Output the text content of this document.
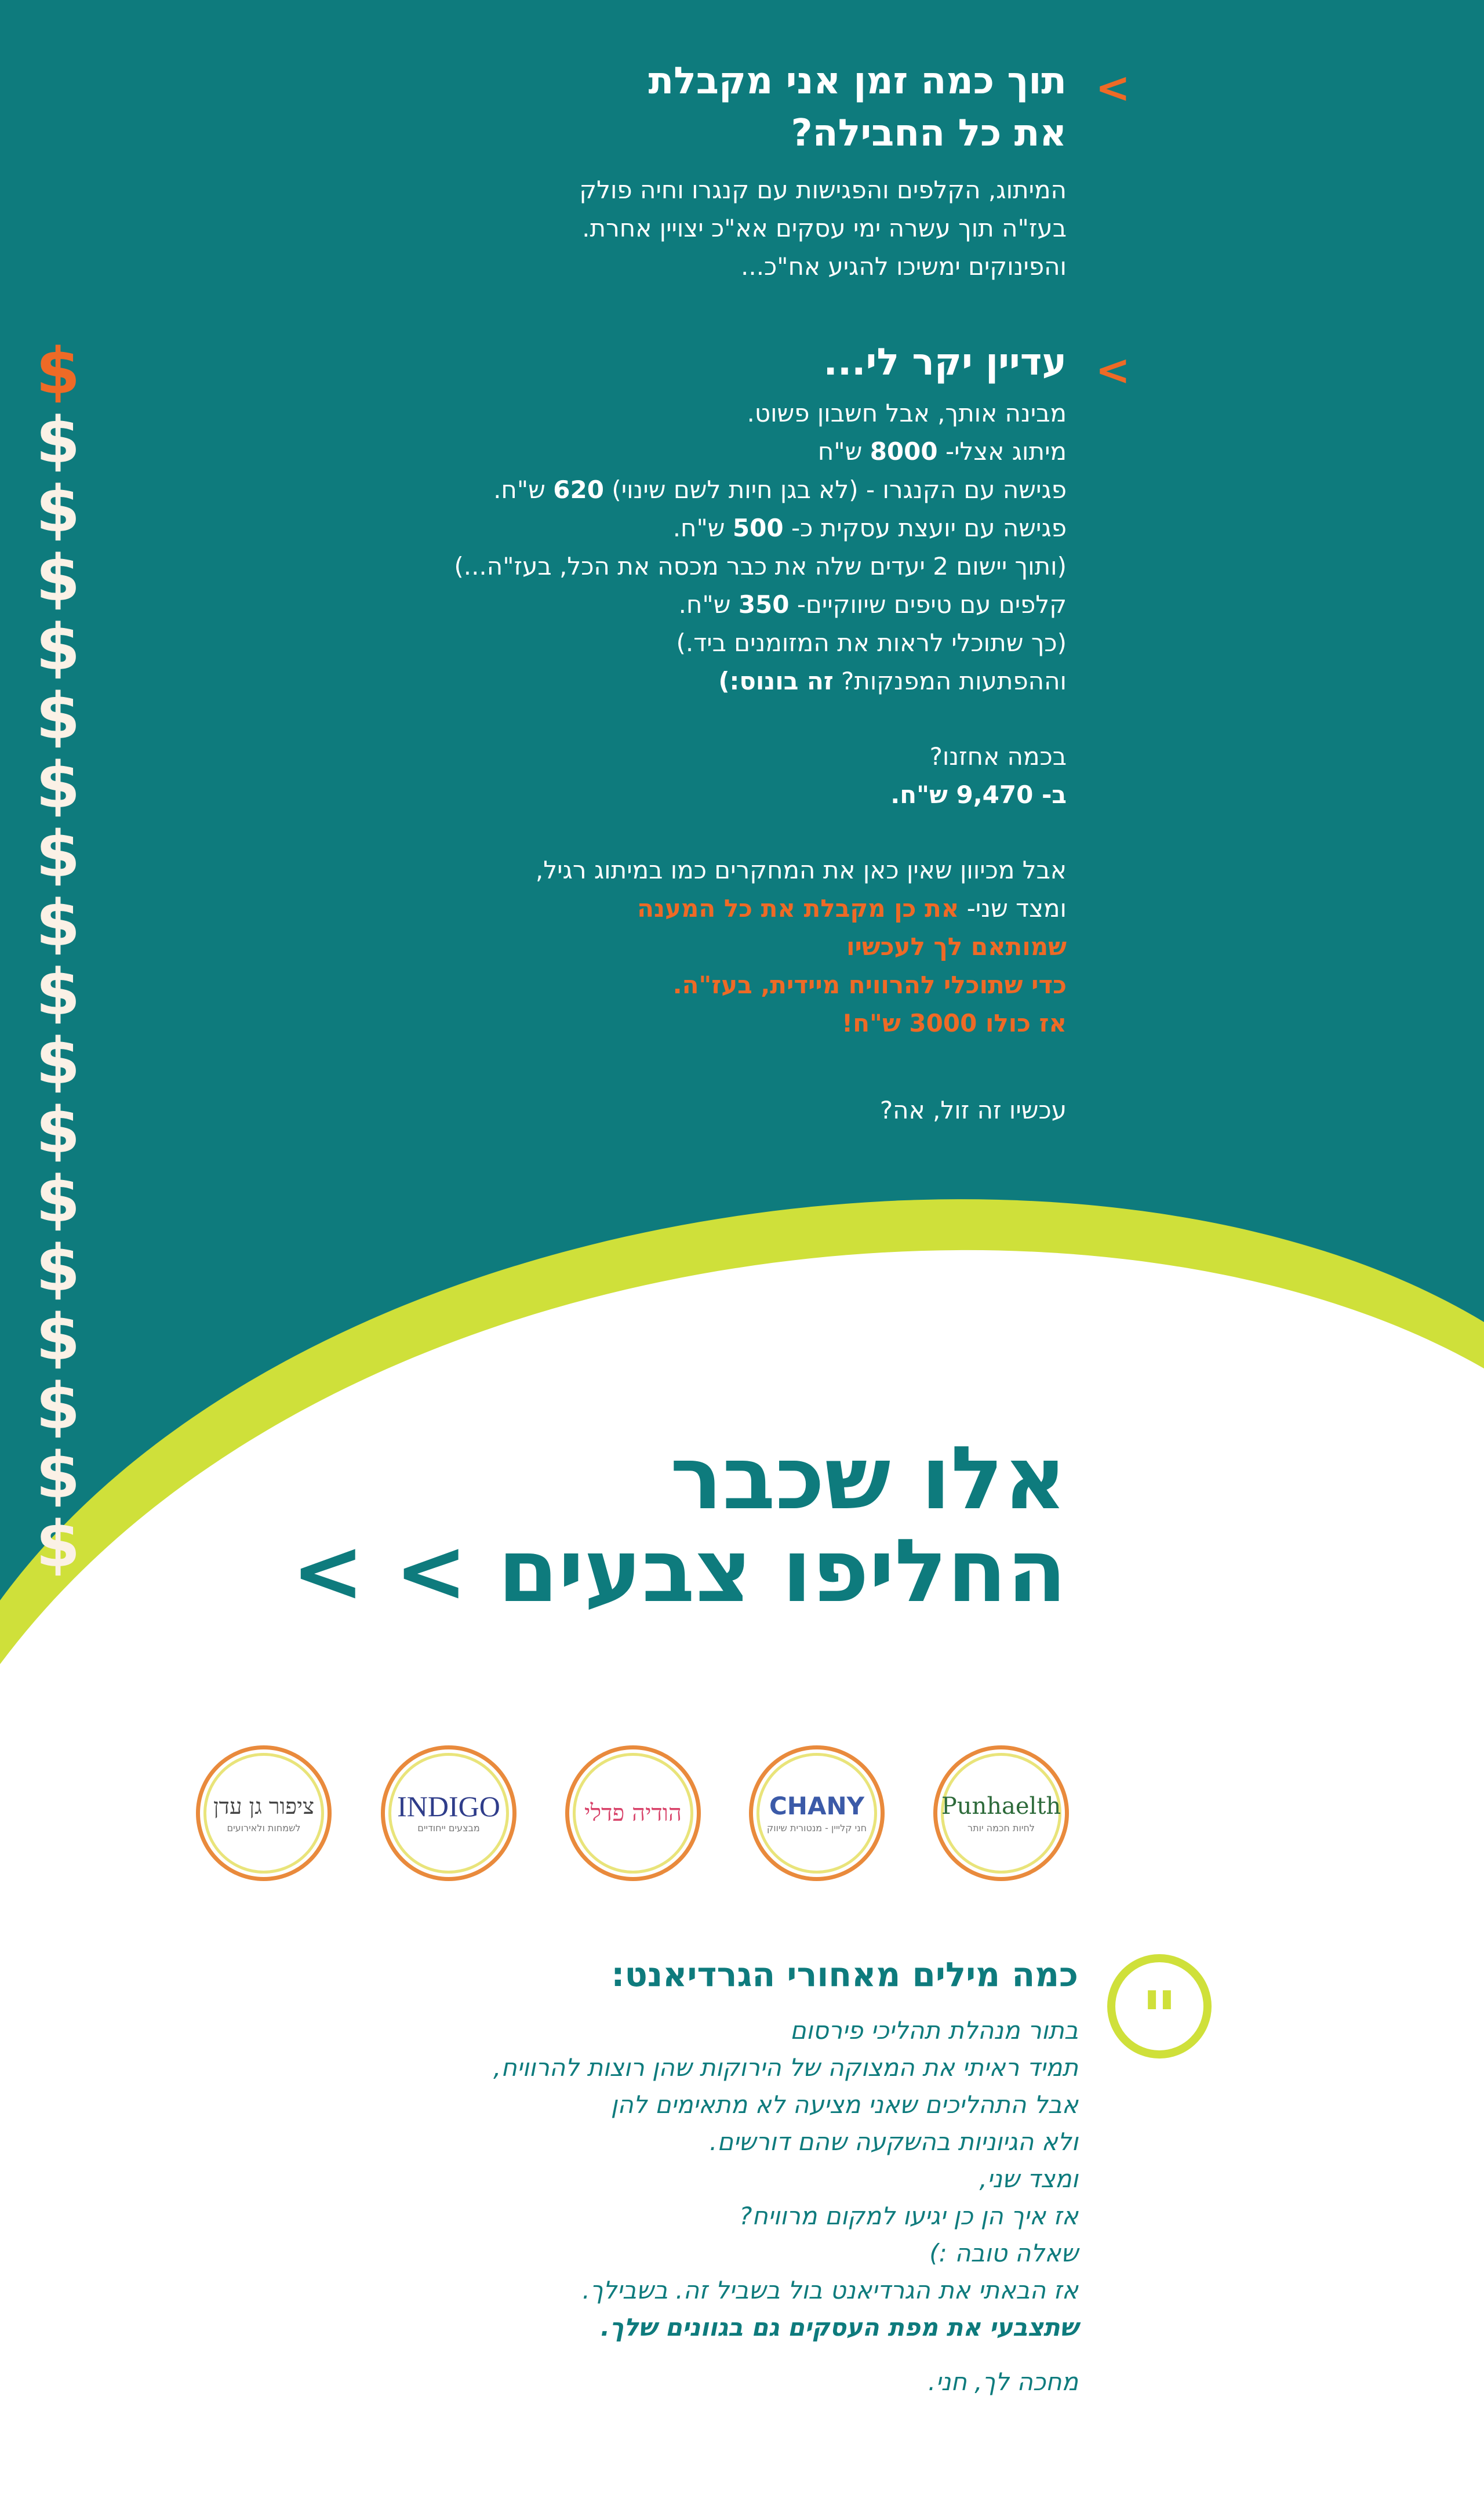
$
$
$
$
$
$
$
$
$
$
$
$
$
$
$
$
$
$
>
תוך כמה זמן אני מקבלת
את כל החבילה?
המיתוג, הקלפים והפגישות עם קנגרו וחיה פולק
בעז"ה תוך עשרה ימי עסקים אא"כ יצויין אחרת.
והפינוקים ימשיכו להגיע אח"כ...
>
עדיין יקר לי...
מבינה אותך, אבל חשבון פשוט.
מיתוג אצלי- 8000 ש"ח
פגישה עם הקנגרו - (לא בגן חיות לשם שינוי) 620 ש"ח.
פגישה עם יועצת עסקית כ- 500 ש"ח.
(ותוך יישום 2 יעדים שלה את כבר מכסה את הכל, בעז"ה...)
קלפים עם טיפים שיווקיים- 350 ש"ח.
(כך שתוכלי לראות את המזומנים ביד.)
וההפתעות המפנקות? זה בונוס:)
בכמה אחזנו?
ב- 9,470 ש"ח.
אבל מכיוון שאין כאן את המחקרים כמו במיתוג רגיל,
ומצד שני- את כן מקבלת את כל המענה
שמותאם לך לעכשיו
כדי שתוכלי להרוויח מיידית, בעז"ה.
אז כולו 3000 ש"ח!
עכשיו זה זול, אה?
אלו שכבר
החליפו צבעים > >
Punhaelth
לחיות חכמה יותר
CHANY
חני קלייין - מנטורית שיווק
הודיה פדלי
INDIGO
מבצעים ייחודיים
ציפור גן עדן
לשמחות ולאירועים
"
כמה מילים מאחורי הגרדיאנט:
בתור מנהלת תהליכי פירסום
תמיד ראיתי את המצוקה של הירוקות שהן רוצות להרוויח,
אבל התהליכים שאני מציעה לא מתאימים להן
ולא הגיוניות בהשקעה שהם דורשים.
ומצד שני,
אז איך הן כן יגיעו למקום מרוויח?
שאלה טובה :)
אז הבאתי את הגרדיאנט בול בשביל זה. בשבילך.
שתצבעי את מפת העסקים גם בגוונים שלך.
מחכה לך, חני.
